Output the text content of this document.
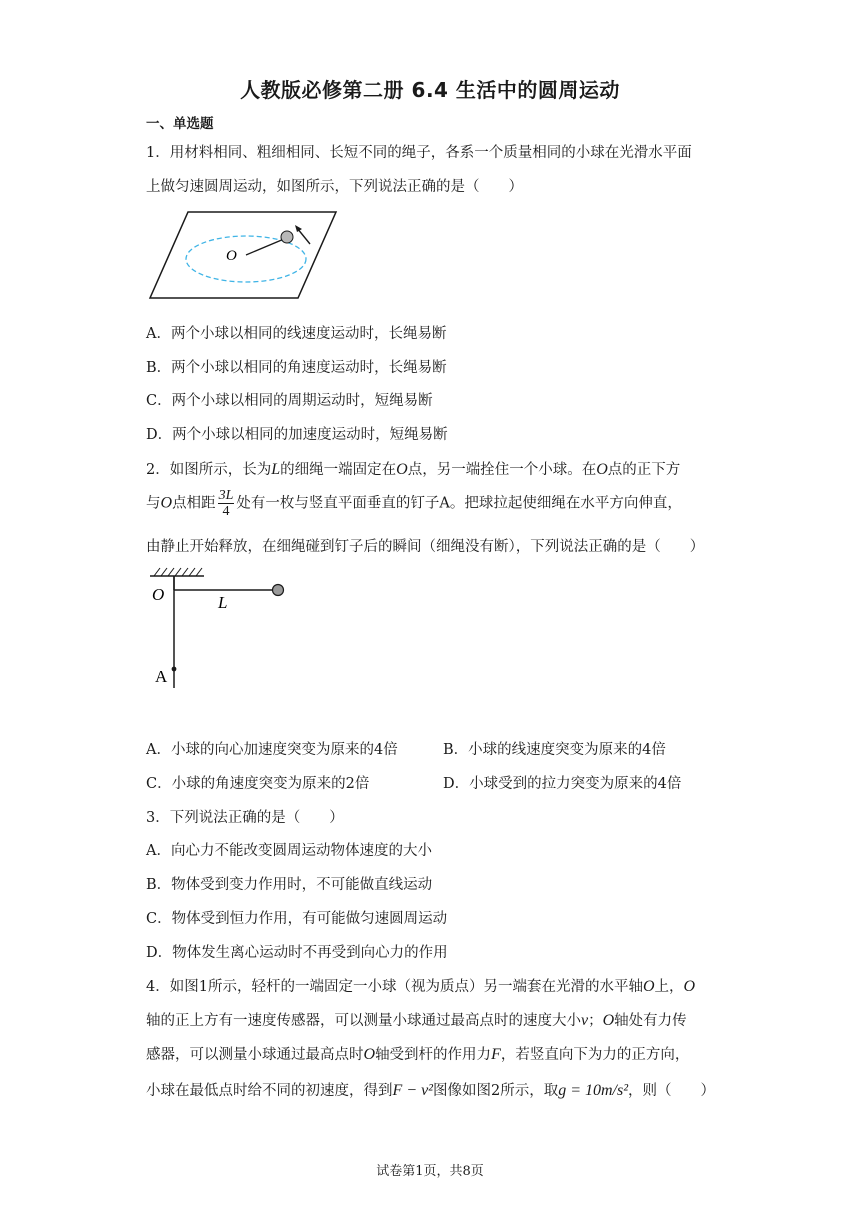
人教版必修第二册 6.4 生活中的圆周运动
一、单选题
1．用材料相同、粗细相同、长短不同的绳子，各系一个质量相同的小球在光滑水平面
上做匀速圆周运动，如图所示，下列说法正确的是（　　）
O
A．两个小球以相同的线速度运动时，长绳易断
B．两个小球以相同的角速度运动时，长绳易断
C．两个小球以相同的周期运动时，短绳易断
D．两个小球以相同的加速度运动时，短绳易断
2．如图所示，长为L的细绳一端固定在O点，另一端拴住一个小球。在O点的正下方
与O点相距 $\frac{3L}{4}$ 处有一枚与竖直平面垂直的钉子A。把球拉起使细绳在水平方向伸直，
由静止开始释放，在细绳碰到钉子后的瞬间（细绳没有断），下列说法正确的是（　　）
O	L
A
A．小球的向心加速度突变为原来的4倍	B．小球的线速度突变为原来的4倍
C．小球的角速度突变为原来的2倍	D．小球受到的拉力突变为原来的4倍
3．下列说法正确的是（　　）
A．向心力不能改变圆周运动物体速度的大小
B．物体受到变力作用时，不可能做直线运动
C．物体受到恒力作用，有可能做匀速圆周运动
D．物体发生离心运动时不再受到向心力的作用
4．如图1所示，轻杆的一端固定一小球（视为质点）另一端套在光滑的水平轴O上，O
轴的正上方有一速度传感器，可以测量小球通过最高点时的速度大小v；O轴处有力传
感器，可以测量小球通过最高点时O轴受到杆的作用力F，若竖直向下为力的正方向，
小球在最低点时给不同的初速度，得到F − v²图像如图2所示，取g = 10m/s²，则（　　）
试卷第1页，共8页
